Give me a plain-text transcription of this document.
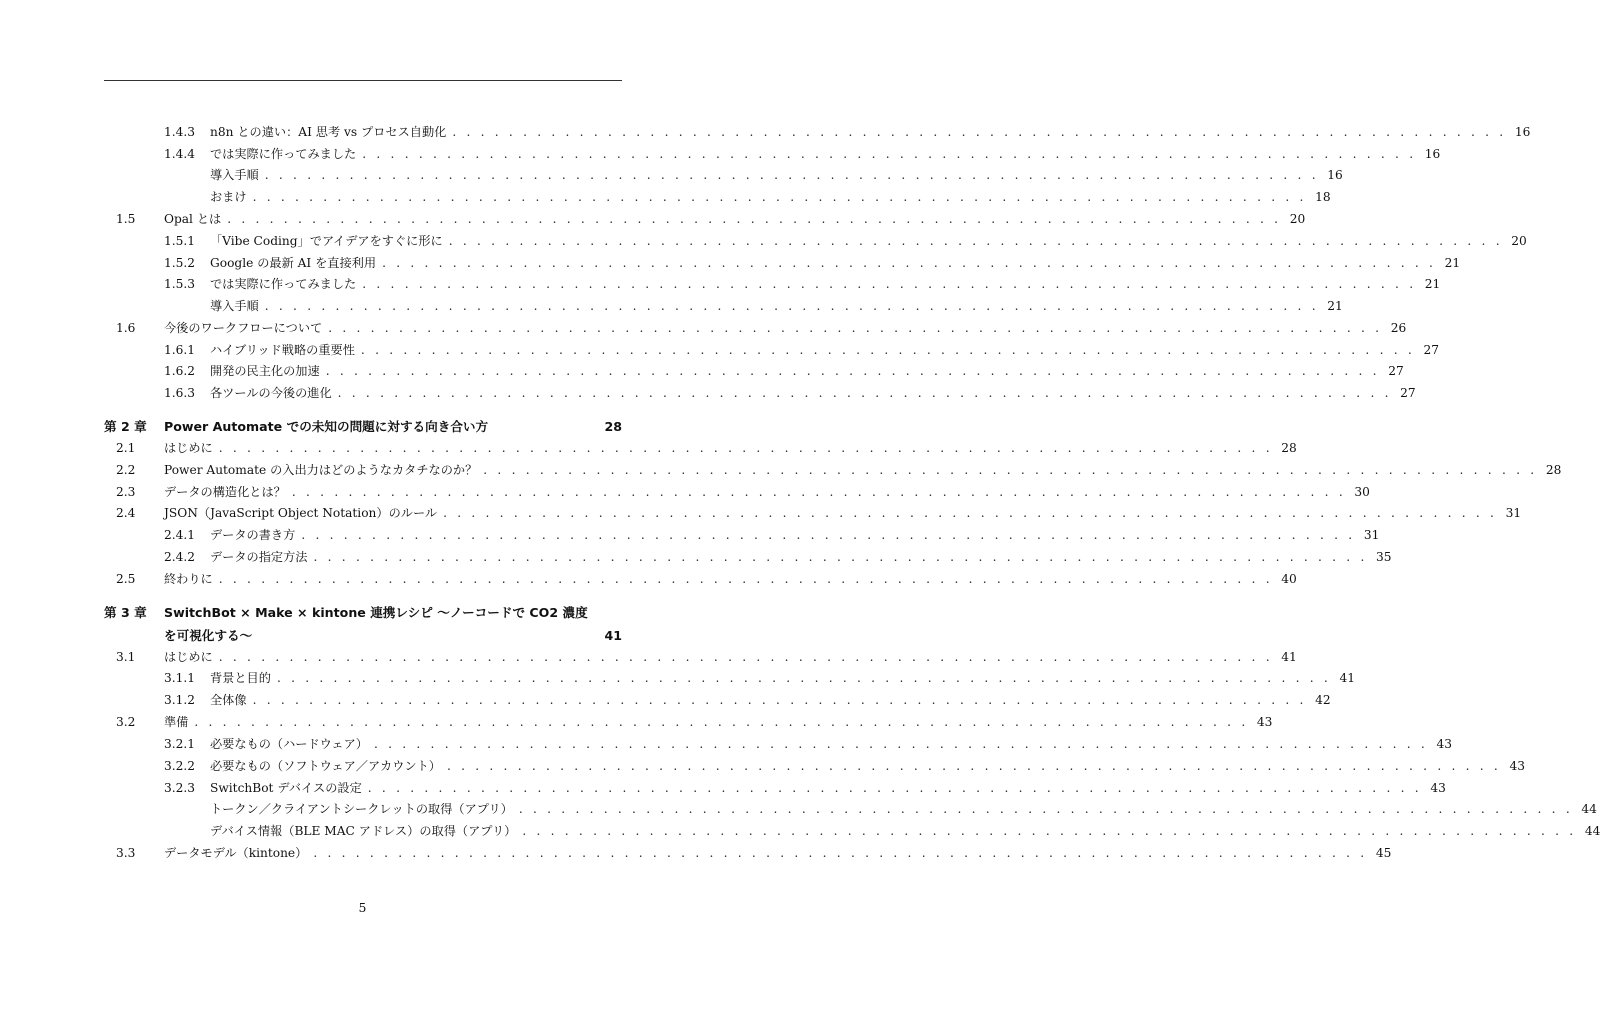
1.4.3 n8n との違い：AI 思考 vs プロセス自動化 . . . . . . . . . . . . . . . . . . . . . . . . . . . . . . . . . . . . . . . . . . . . . . . . . . . . . . . . . . . . . . . . . . . . . . . . . . . 16
1.4.4 では実際に作ってみました . . . . . . . . . . . . . . . . . . . . . . . . . . . . . . . . . . . . . . . . . . . . . . . . . . . . . . . . . . . . . . . . . . . . . . . . . . . 16
導入手順 . . . . . . . . . . . . . . . . . . . . . . . . . . . . . . . . . . . . . . . . . . . . . . . . . . . . . . . . . . . . . . . . . . . . . . . . . . . 16
おまけ . . . . . . . . . . . . . . . . . . . . . . . . . . . . . . . . . . . . . . . . . . . . . . . . . . . . . . . . . . . . . . . . . . . . . . . . . . . 18
1.5 Opal とは . . . . . . . . . . . . . . . . . . . . . . . . . . . . . . . . . . . . . . . . . . . . . . . . . . . . . . . . . . . . . . . . . . . . . . . . . . . 20
1.5.1 「Vibe Coding」でアイデアをすぐに形に . . . . . . . . . . . . . . . . . . . . . . . . . . . . . . . . . . . . . . . . . . . . . . . . . . . . . . . . . . . . . . . . . . . . . . . . . . . 20
1.5.2 Google の最新 AI を直接利用 . . . . . . . . . . . . . . . . . . . . . . . . . . . . . . . . . . . . . . . . . . . . . . . . . . . . . . . . . . . . . . . . . . . . . . . . . . . 21
1.5.3 では実際に作ってみました . . . . . . . . . . . . . . . . . . . . . . . . . . . . . . . . . . . . . . . . . . . . . . . . . . . . . . . . . . . . . . . . . . . . . . . . . . . 21
導入手順 . . . . . . . . . . . . . . . . . . . . . . . . . . . . . . . . . . . . . . . . . . . . . . . . . . . . . . . . . . . . . . . . . . . . . . . . . . . 21
1.6 今後のワークフローについて . . . . . . . . . . . . . . . . . . . . . . . . . . . . . . . . . . . . . . . . . . . . . . . . . . . . . . . . . . . . . . . . . . . . . . . . . . . 26
1.6.1 ハイブリッド戦略の重要性 . . . . . . . . . . . . . . . . . . . . . . . . . . . . . . . . . . . . . . . . . . . . . . . . . . . . . . . . . . . . . . . . . . . . . . . . . . . 27
1.6.2 開発の民主化の加速 . . . . . . . . . . . . . . . . . . . . . . . . . . . . . . . . . . . . . . . . . . . . . . . . . . . . . . . . . . . . . . . . . . . . . . . . . . . 27
1.6.3 各ツールの今後の進化 . . . . . . . . . . . . . . . . . . . . . . . . . . . . . . . . . . . . . . . . . . . . . . . . . . . . . . . . . . . . . . . . . . . . . . . . . . . 27
第 2 章 Power Automate での未知の問題に対する向き合い方	28
2.1 はじめに . . . . . . . . . . . . . . . . . . . . . . . . . . . . . . . . . . . . . . . . . . . . . . . . . . . . . . . . . . . . . . . . . . . . . . . . . . . 28
2.2 Power Automate の入出力はどのようなカタチなのか？ . . . . . . . . . . . . . . . . . . . . . . . . . . . . . . . . . . . . . . . . . . . . . . . . . . . . . . . . . . . . . . . . . . . . . . . . . . . 28
2.3 データの構造化とは？ . . . . . . . . . . . . . . . . . . . . . . . . . . . . . . . . . . . . . . . . . . . . . . . . . . . . . . . . . . . . . . . . . . . . . . . . . . . 30
2.4 JSON（JavaScript Object Notation）のルール . . . . . . . . . . . . . . . . . . . . . . . . . . . . . . . . . . . . . . . . . . . . . . . . . . . . . . . . . . . . . . . . . . . . . . . . . . . 31
2.4.1 データの書き方 . . . . . . . . . . . . . . . . . . . . . . . . . . . . . . . . . . . . . . . . . . . . . . . . . . . . . . . . . . . . . . . . . . . . . . . . . . . 31
2.4.2 データの指定方法 . . . . . . . . . . . . . . . . . . . . . . . . . . . . . . . . . . . . . . . . . . . . . . . . . . . . . . . . . . . . . . . . . . . . . . . . . . . 35
2.5 終わりに . . . . . . . . . . . . . . . . . . . . . . . . . . . . . . . . . . . . . . . . . . . . . . . . . . . . . . . . . . . . . . . . . . . . . . . . . . . 40
第 3 章 SwitchBot × Make × kintone 連携レシピ 〜ノーコードで CO2 濃度
を可視化する〜	41
3.1 はじめに . . . . . . . . . . . . . . . . . . . . . . . . . . . . . . . . . . . . . . . . . . . . . . . . . . . . . . . . . . . . . . . . . . . . . . . . . . . 41
3.1.1 背景と目的 . . . . . . . . . . . . . . . . . . . . . . . . . . . . . . . . . . . . . . . . . . . . . . . . . . . . . . . . . . . . . . . . . . . . . . . . . . . 41
3.1.2 全体像 . . . . . . . . . . . . . . . . . . . . . . . . . . . . . . . . . . . . . . . . . . . . . . . . . . . . . . . . . . . . . . . . . . . . . . . . . . . 42
3.2 準備 . . . . . . . . . . . . . . . . . . . . . . . . . . . . . . . . . . . . . . . . . . . . . . . . . . . . . . . . . . . . . . . . . . . . . . . . . . . 43
3.2.1 必要なもの（ハードウェア） . . . . . . . . . . . . . . . . . . . . . . . . . . . . . . . . . . . . . . . . . . . . . . . . . . . . . . . . . . . . . . . . . . . . . . . . . . . 43
3.2.2 必要なもの（ソフトウェア／アカウント） . . . . . . . . . . . . . . . . . . . . . . . . . . . . . . . . . . . . . . . . . . . . . . . . . . . . . . . . . . . . . . . . . . . . . . . . . . . 43
3.2.3 SwitchBot デバイスの設定 . . . . . . . . . . . . . . . . . . . . . . . . . . . . . . . . . . . . . . . . . . . . . . . . . . . . . . . . . . . . . . . . . . . . . . . . . . . 43
トークン／クライアントシークレットの取得（アプリ） . . . . . . . . . . . . . . . . . . . . . . . . . . . . . . . . . . . . . . . . . . . . . . . . . . . . . . . . . . . . . . . . . . . . . . . . . . . 44
デバイス情報（BLE MAC アドレス）の取得（アプリ） . . . . . . . . . . . . . . . . . . . . . . . . . . . . . . . . . . . . . . . . . . . . . . . . . . . . . . . . . . . . . . . . . . . . . . . . . . . 44
3.3 データモデル（kintone） . . . . . . . . . . . . . . . . . . . . . . . . . . . . . . . . . . . . . . . . . . . . . . . . . . . . . . . . . . . . . . . . . . . . . . . . . . . 45
5
